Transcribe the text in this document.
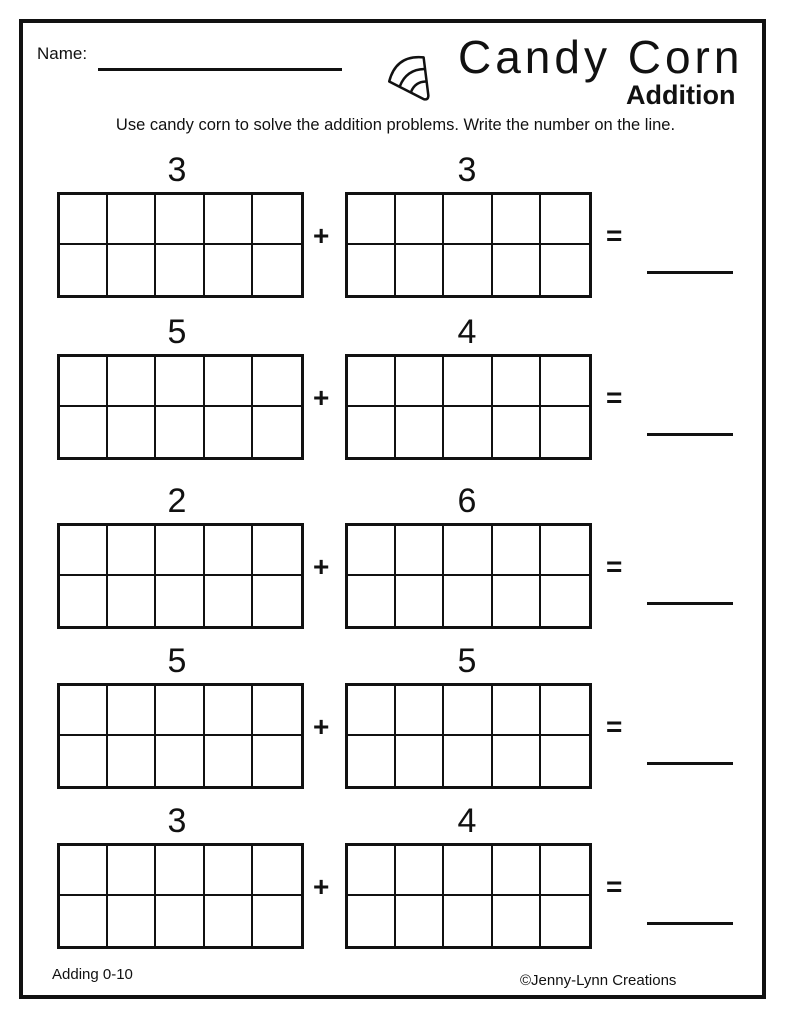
Name:	Candy Corn
Addition
Use candy corn to solve the addition problems. Write the number on the line.
3	3
+	=
5	4
+	=
2	6
+	=
5	5
+	=
3	4
+	=
Adding 0-10	©Jenny-Lynn Creations
